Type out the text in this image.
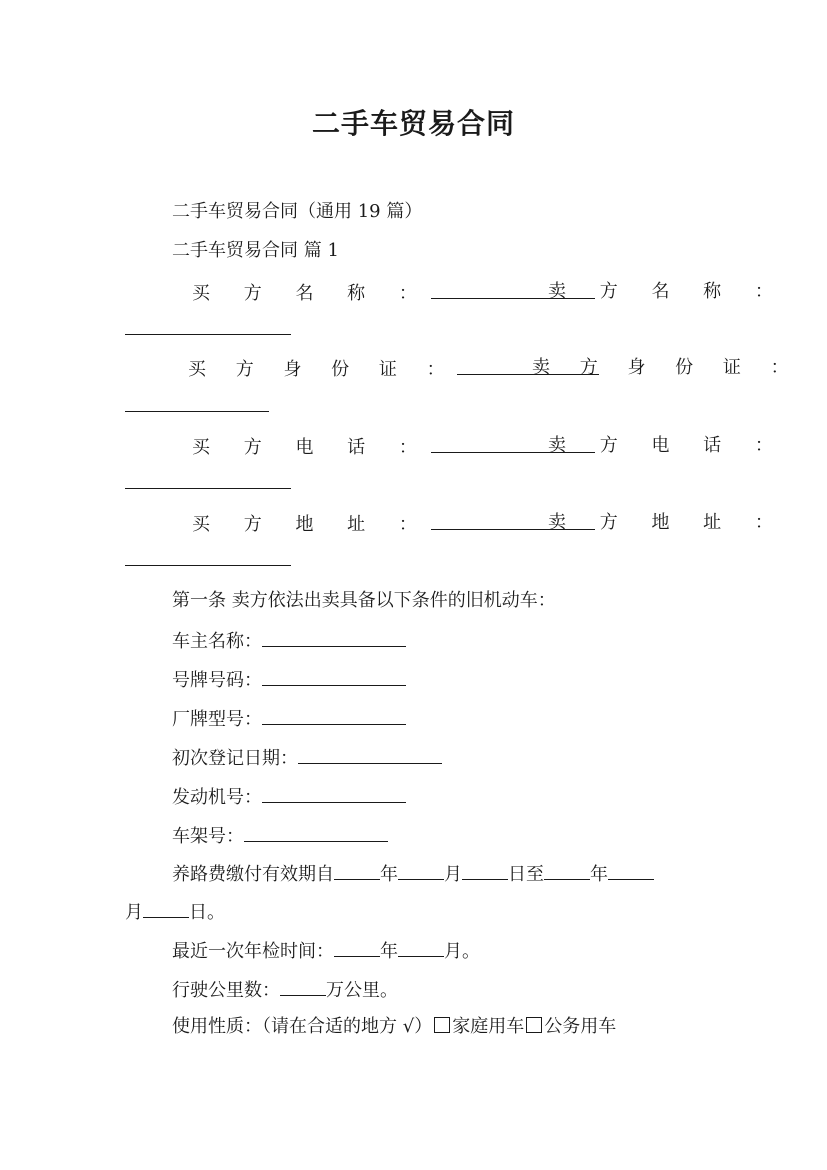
二手车贸易合同
二手车贸易合同（通用 19 篇）
二手车贸易合同 篇 1
买 方 名 称 ：	卖 方 名 称 ：
买 方 身 份 证 ：	卖 方 身 份 证 ：
买 方 电 话 ：	卖 方 电 话 ：
买 方 地 址 ：	卖 方 地 址 ：
第一条 卖方依法出卖具备以下条件的旧机动车：
车主名称：
号牌号码：
厂牌型号：
初次登记日期：
发动机号：
车架号：
养路费缴付有效期自	年	月	日至	年
月	日。
最近一次年检时间：	年	月。
行驶公里数：	万公里。
使用性质：（请在合适的地方 √） 家庭用车 公务用车
